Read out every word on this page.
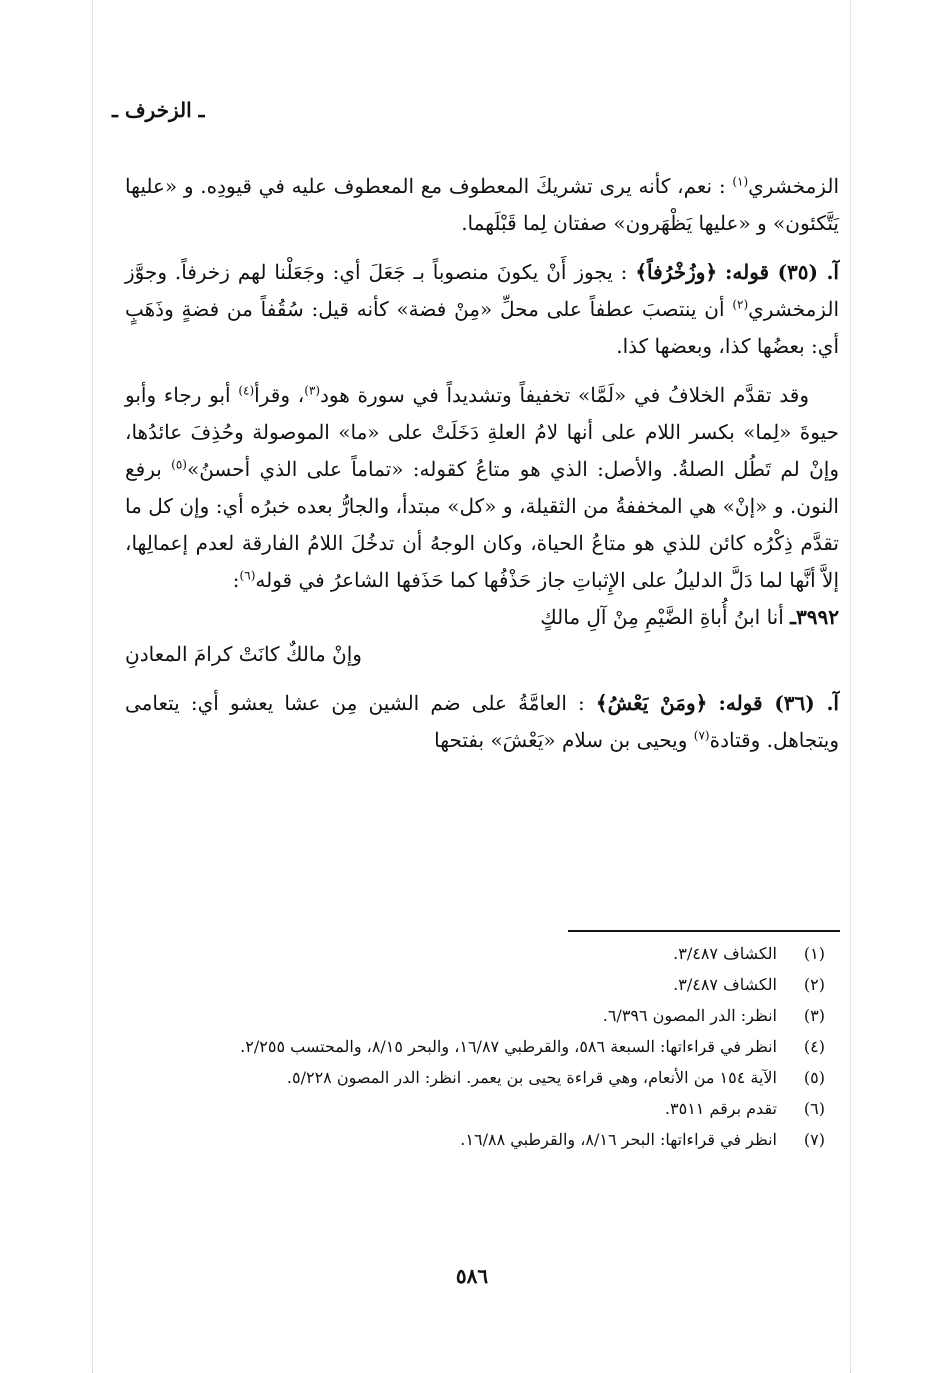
ـ الزخرف ـ

الزمخشري$^{(١)}$ : نعم، كأنه يرى تشريكَ المعطوف مع المعطوف عليه في قيودِه. و «عليها يَتَّكئون» و «عليها يَظْهَرون» صفتان لِما قَبْلَهما.

آ. (٣٥) قوله: ﴿وزُخْرُفاً﴾ : يجوز أَنْ يكونَ منصوباً بـ جَعَلَ أي: وجَعَلْنا لهم زخرفاً. وجوَّز الزمخشري$^{(٢)}$ أن ينتصبَ عطفاً على محلِّ «مِنْ فضة» كأنه قيل: سُقُفاً من فضةٍ وذَهَبٍ أي: بعضُها كذا، وبعضها كذا.

وقد تقدَّم الخلافُ في «لَمَّا» تخفيفاً وتشديداً في سورة هود$^{(٣)}$، وقرأ$^{(٤)}$ أبو رجاء وأبو حيوةَ «لِما» بكسر اللام على أنها لامُ العلةِ دَخَلَتْ على «ما» الموصولة وحُذِفَ عائدُها، وإنْ لم تَطُل الصلةُ. والأصل: الذي هو متاعُ كقوله: «تماماً على الذي أحسنُ»$^{(٥)}$ برفع النون. و «إنْ» هي المخففةُ من الثقيلة، و «كل» مبتدأ، والجارُّ بعده خبرُه أي: وإن كل ما تقدَّم ذِكْرُه كائن للذي هو متاعُ الحياة، وكان الوجهُ أن تدخُلَ اللامُ الفارقة لعدم إعمالِها، إلاَّ أنَّها لما دَلَّ الدليلُ على الإِثباتِ جاز حَذْفُها كما حَذَفها الشاعرُ في قوله$^{(٦)}$:

٣٩٩٢ـ أنا ابنُ أُباةِ الضَّيْمِ مِنْ آلِ مالكٍ

وإنْ مالكٌ كانَتْ كرامَ المعادنِ

آ. (٣٦) قوله: ﴿ومَنْ يَعْشُ﴾ : العامَّةُ على ضم الشين مِن عشا يعشو أي: يتعامى ويتجاهل. وقتادة$^{(٧)}$ ويحيى بن سلام «يَعْشَ» بفتحها

(١)
الكشاف ٣/٤٨٧.
(٢)
الكشاف ٣/٤٨٧.
(٣)
انظر: الدر المصون ٦/٣٩٦.
(٤)
انظر في قراءاتها: السبعة ٥٨٦، والقرطبي ١٦/٨٧، والبحر ٨/١٥، والمحتسب ٢/٢٥٥.
(٥)
الآية ١٥٤ من الأنعام، وهي قراءة يحيى بن يعمر. انظر: الدر المصون ٥/٢٢٨.
(٦)
تقدم برقم ٣٥١١.
(٧)
انظر في قراءاتها: البحر ٨/١٦، والقرطبي ١٦/٨٨.
٥٨٦
